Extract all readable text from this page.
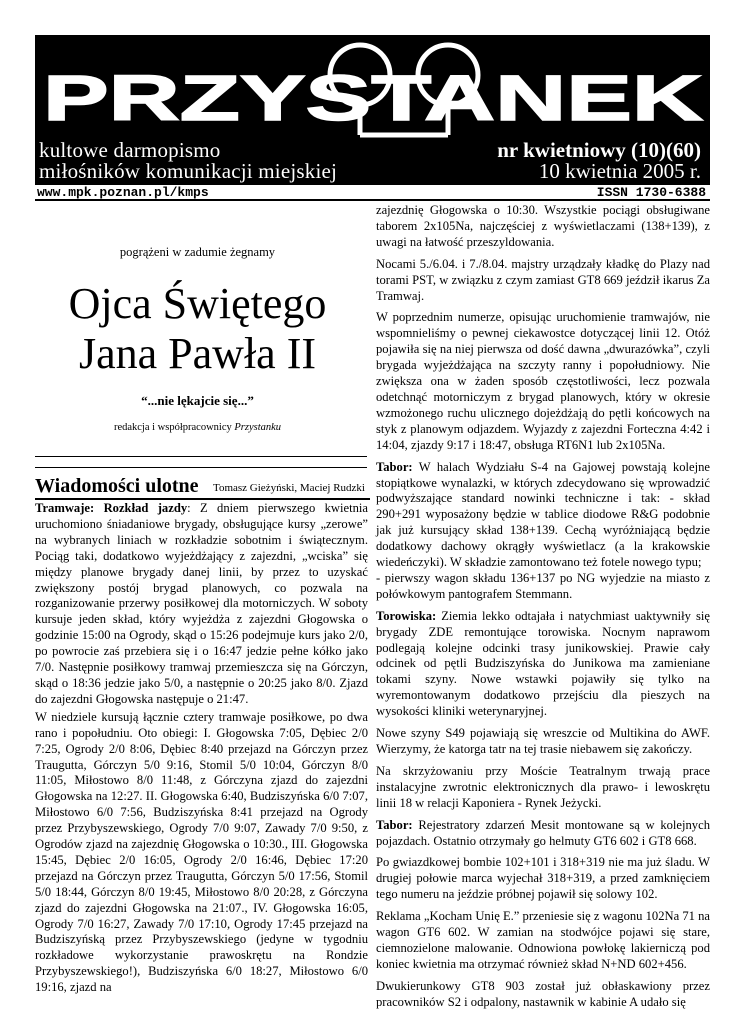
PRZYSTANEK
kultowe darmopismo
miłośników komunikacji miejskiej
nr kwietniowy (10)(60)
10 kwietnia 2005 r.
www.mpk.poznan.pl/kmps	ISSN 1730-6388
pogrążeni w zadumie żegnamy
Ojca Świętego
Jana Pawła II
“...nie lękajcie się...”
redakcja i współpracownicy Przystanku
Wiadomości ulotne Tomasz Gieżyński, Maciej Rudzki

Tramwaje: Rozkład jazdy: Z dniem pierwszego kwietnia uruchomiono śniadaniowe brygady, obsługujące kursy „zerowe” na wybranych liniach w rozkładzie sobotnim i świątecznym. Pociąg taki, dodatkowo wyjeżdżający z zajezdni, „wciska” się między planowe brygady danej linii, by przez to uzyskać zwiększony postój brygad planowych, co pozwala na rozganizowanie przerwy posiłkowej dla motorniczych. W soboty kursuje jeden skład, który wyjeżdża z zajezdni Głogowska o godzinie 15:00 na Ogrody, skąd o 15:26 podejmuje kurs jako 2/0, po powrocie zaś przebiera się i o 16:47 jedzie pełne kółko jako 7/0. Następnie posiłkowy tramwaj przemieszcza się na Górczyn, skąd o 18:36 jedzie jako 5/0, a następnie o 20:25 jako 8/0. Zjazd do zajezdni Głogowska następuje o 21:47.

W niedziele kursują łącznie cztery tramwaje posiłkowe, po dwa rano i popołudniu. Oto obiegi: I. Głogowska 7:05, Dębiec 2/0 7:25, Ogrody 2/0 8:06, Dębiec 8:40 przejazd na Górczyn przez Traugutta, Górczyn 5/0 9:16, Stomil 5/0 10:04, Górczyn 8/0 11:05, Miłostowo 8/0 11:48, z Górczyna zjazd do zajezdni Głogowska na 12:27. II. Głogowska 6:40, Budziszyńska 6/0 7:07, Miłostowo 6/0 7:56, Budziszyńska 8:41 przejazd na Ogrody przez Przybyszewskiego, Ogrody 7/0 9:07, Zawady 7/0 9:50, z Ogrodów zjazd na zajezdnię Głogowska o 10:30., III. Głogowska 15:45, Dębiec 2/0 16:05, Ogrody 2/0 16:46, Dębiec 17:20 przejazd na Górczyn przez Traugutta, Górczyn 5/0 17:56, Stomil 5/0 18:44, Górczyn 8/0 19:45, Miłostowo 8/0 20:28, z Górczyna zjazd do zajezdni Głogowska na 21:07., IV. Głogowska 16:05, Ogrody 7/0 16:27, Zawady 7/0 17:10, Ogrody 17:45 przejazd na Budziszyńską przez Przybyszewskiego (jedyne w tygodniu rozkładowe wykorzystanie prawoskrętu na Rondzie Przybyszewskiego!), Budziszyńska 6/0 18:27, Miłostowo 6/0 19:16, zjazd na

zajezdnię Głogowska o 10:30. Wszystkie pociągi obsługiwane taborem 2x105Na, najczęściej z wyświetlaczami (138+139), z uwagi na łatwość przeszyldowania.

Nocami 5./6.04. i 7./8.04. majstry urządzały kładkę do Plazy nad torami PST, w związku z czym zamiast GT8 669 jeździł ikarus Za Tramwaj.

W poprzednim numerze, opisując uruchomienie tramwajów, nie wspomnieliśmy o pewnej ciekawostce dotyczącej linii 12. Otóż pojawiła się na niej pierwsza od dość dawna „dwurazówka”, czyli brygada wyjeżdżająca na szczyty ranny i popołudniowy. Nie zwiększa ona w żaden sposób częstotliwości, lecz pozwala odetchnąć motorniczym z brygad planowych, który w okresie wzmożonego ruchu ulicznego dojeżdżają do pętli końcowych na styk z planowym odjazdem. Wyjazdy z zajezdni Forteczna 4:42 i 14:04, zjazdy 9:17 i 18:47, obsługa RT6N1 lub 2x105Na.

Tabor: W halach Wydziału S-4 na Gajowej powstają kolejne stopiątkowe wynalazki, w których zdecydowano się wprowadzić podwyższające standard nowinki techniczne i tak: - skład 290+291 wyposażony będzie w tablice diodowe R&G podobnie jak już kursujący skład 138+139. Cechą wyróżniającą będzie dodatkowy dachowy okrągły wyświetlacz (a la krakowskie wiedeńczyki). W składzie zamontowano też fotele nowego typu;
- pierwszy wagon składu 136+137 po NG wyjedzie na miasto z połówkowym pantografem Stemmann.

Torowiska: Ziemia lekko odtajała i natychmiast uaktywniły się brygady ZDE remontujące torowiska. Nocnym naprawom podlegają kolejne odcinki trasy junikowskiej. Prawie cały odcinek od pętli Budziszyńska do Junikowa ma zamieniane tokami szyny. Nowe wstawki pojawiły się tylko na wyremontowanym dodatkowo przejściu dla pieszych na wysokości kliniki weterynaryjnej.

Nowe szyny S49 pojawiają się wreszcie od Multikina do AWF. Wierzymy, że katorga tatr na tej trasie niebawem się zakończy.

Na skrzyżowaniu przy Moście Teatralnym trwają prace instalacyjne zwrotnic elektronicznych dla prawo- i lewoskrętu linii 18 w relacji Kaponiera - Rynek Jeżycki.

Tabor: Rejestratory zdarzeń Mesit montowane są w kolejnych pojazdach. Ostatnio otrzymały go helmuty GT6 602 i GT8 668.

Po gwiazdkowej bombie 102+101 i 318+319 nie ma już śladu. W drugiej połowie marca wyjechał 318+319, a przed zamknięciem tego numeru na jeździe próbnej pojawił się solowy 102.

Reklama „Kocham Unię E.” przeniesie się z wagonu 102Na 71 na wagon GT6 602. W zamian na stodwójce pojawi się stare, ciemnozielone malowanie. Odnowiona powłokę lakierniczą pod koniec kwietnia ma otrzymać również skład N+ND 602+456.

Dwukierunkowy GT8 903 został już obłaskawiony przez pracowników S2 i odpalony, nastawnik w kabinie A udało się
